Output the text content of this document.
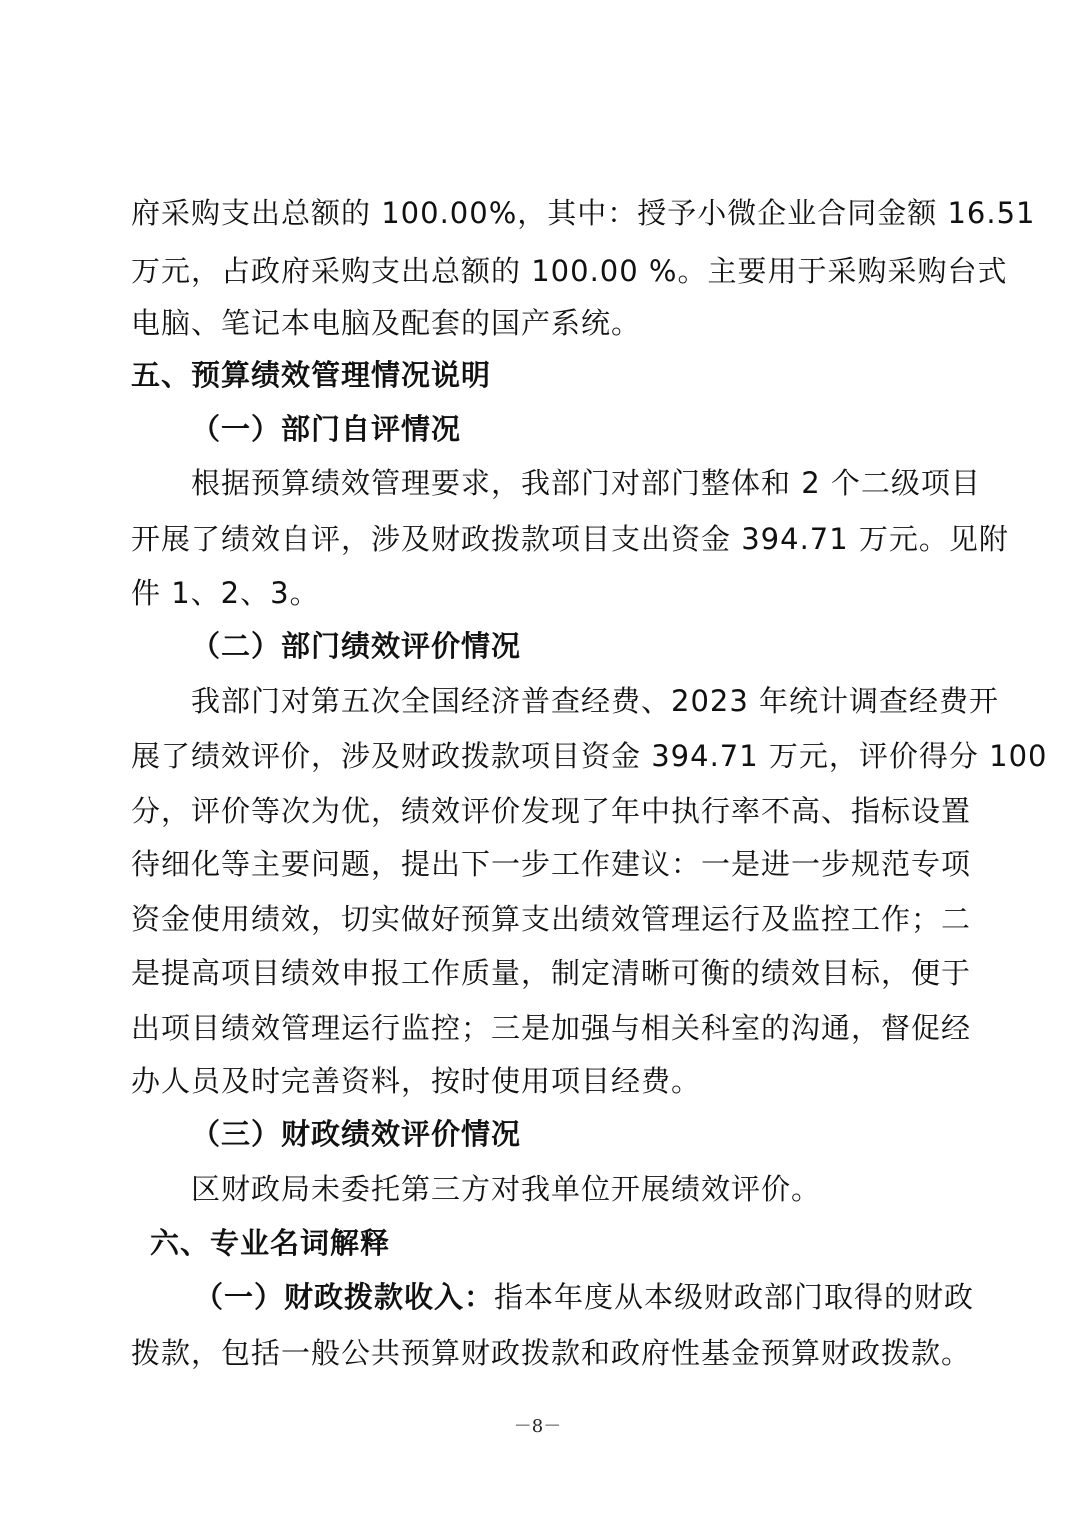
府采购支出总额的 100.00%，其中：授予小微企业合同金额 16.51

万元，占政府采购支出总额的 100.00 %。主要用于采购采购台式

电脑、笔记本电脑及配套的国产系统。

五、预算绩效管理情况说明

（一）部门自评情况

根据预算绩效管理要求，我部门对部门整体和 2 个二级项目

开展了绩效自评，涉及财政拨款项目支出资金 394.71 万元。见附

件 1、2、3。

（二）部门绩效评价情况

我部门对第五次全国经济普查经费、2023 年统计调查经费开

展了绩效评价，涉及财政拨款项目资金 394.71 万元，评价得分 100

分，评价等次为优，绩效评价发现了年中执行率不高、指标设置

待细化等主要问题，提出下一步工作建议：一是进一步规范专项

资金使用绩效，切实做好预算支出绩效管理运行及监控工作；二

是提高项目绩效申报工作质量，制定清晰可衡的绩效目标，便于

出项目绩效管理运行监控；三是加强与相关科室的沟通，督促经

办人员及时完善资料，按时使用项目经费。

（三）财政绩效评价情况

区财政局未委托第三方对我单位开展绩效评价。

六、专业名词解释

（一）财政拨款收入：指本年度从本级财政部门取得的财政

拨款，包括一般公共预算财政拨款和政府性基金预算财政拨款。

－8－
